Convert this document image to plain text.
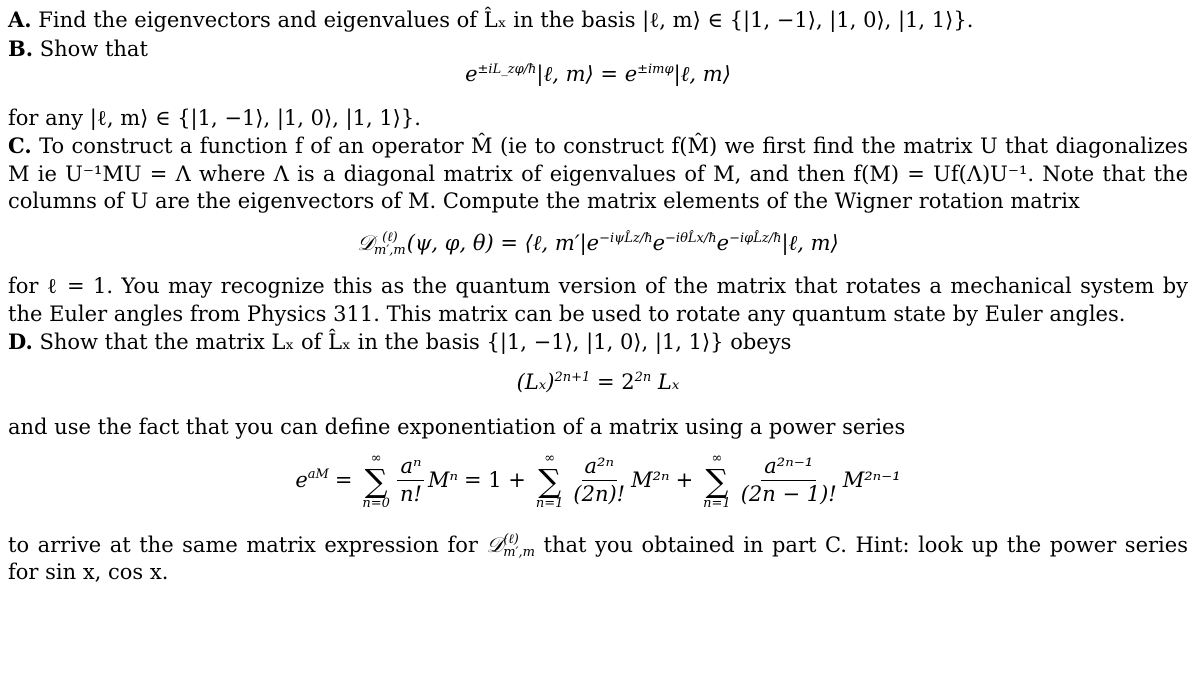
A. Find the eigenvectors and eigenvalues of L̂ₓ in the basis |ℓ, m⟩ ∈ {|1, −1⟩, |1, 0⟩, |1, 1⟩}.

B. Show that

$e^{\pm iL\_z\varphi/ħ}|\ell$, m⟩ = $e^{\pm im\varphi}|\ell$, m⟩

for any |ℓ, m⟩ ∈ {|1, −1⟩, |1, 0⟩, |1, 1⟩}.

C. To construct a function f of an operator M̂ (ie to construct f(M̂) we first find the matrix U that diagonalizes M ie U⁻¹MU = Λ where Λ is a diagonal matrix of eigenvalues of M, and then f(M) = Uf(Λ)U⁻¹. Note that the columns of U are the eigenvectors of M. Compute the matrix elements of the Wigner rotation matrix

𝒟 (ℓ)
m′,m (ψ, φ, θ) = ⟨ℓ, $m'|e^{-i\psi L̂z/ħ}e^{-i\theta L̂x/ħ}e^{-i\varphi L̂z/ħ}|\ell$, m⟩

for ℓ = 1. You may recognize this as the quantum version of the matrix that rotates a mechanical system by the Euler angles from Physics 311. This matrix can be used to rotate any quantum state by Euler angles.

D. Show that the matrix Lₓ of L̂ₓ in the basis {|1, −1⟩, |1, 0⟩, |1, 1⟩} obeys

$(L_x)^{2n+1} = 2^{2n}$ Lₓ

and use the fact that you can define exponentiation of a matrix using a power series

$e^{aM}$ =
∞
∑
$n=0 \frac{\text{aⁿ}}{n!}$ Mⁿ = 1 +
∞
∑
$n=1 \frac{\text{a²ⁿ}}{(2n)!} M^{2n}$ +
∞
∑
$n=1 \frac{\text{a²ⁿ⁻¹}}{(2n - 1)!} M^{2n-1}$

to arrive at the same matrix expression for 𝒟 (ℓ)
m′,m that you obtained in part C. Hint: look up the power series for sin x, cos x.
